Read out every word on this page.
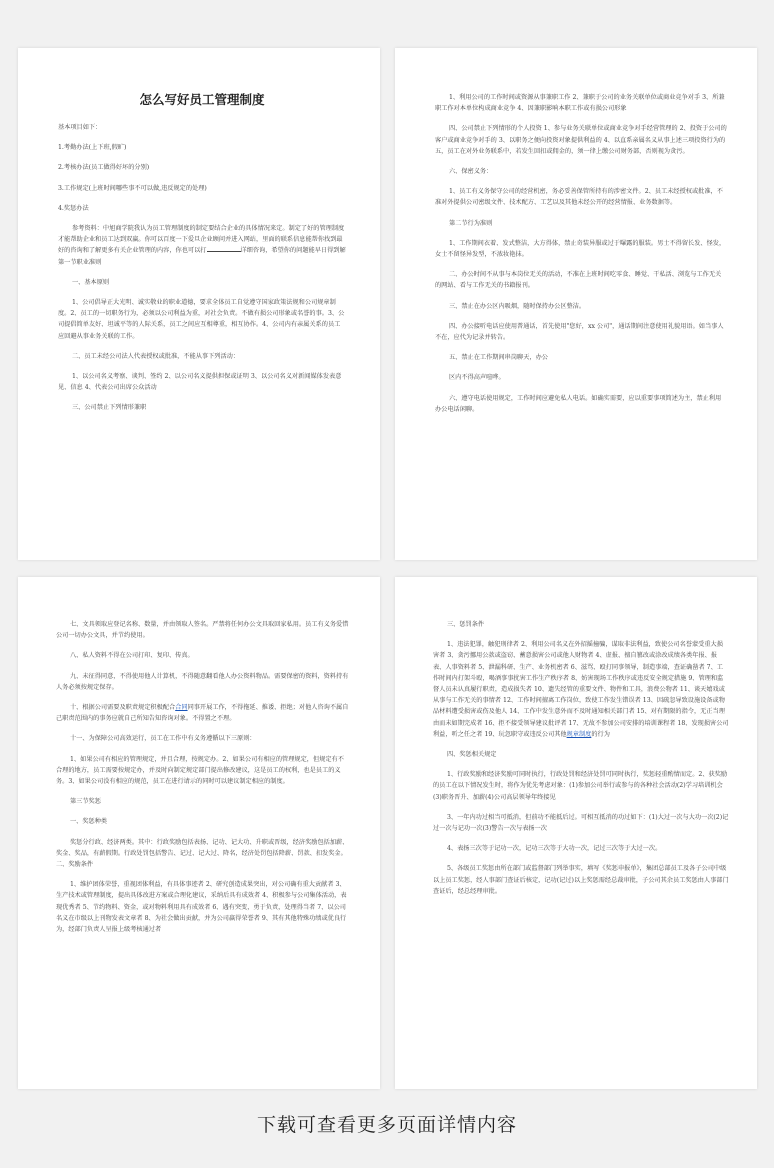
怎么写好员工管理制度
基本项目如下：
1.考勤办法(上下班,假旷)
2.考核办法(员工做得好坏的分别)
3.工作规定(上班时间哪些事不可以做,违反规定的处理)
4.奖惩办法
参考资料：中旭商学院我认为员工管理制度的制定要结合企业的具体情况来定。制定了好的管理制度才能帮助企业和员工达到双赢。你可以百度一下爱旦企业顾问并进入网站，里面的联系信息能帮你找到最好的咨询和了解更多有关企业管理的内容，你也可以打	详细咨询，希望你的问题能早日得到解第一节职业准则
一、基本原则
1、公司倡导正大光明、诚实敬业的职业道德，要求全体员工自觉遵守国家政策法规和公司规章制度。2、员工的一切职务行为，必须以公司利益为重，对社会负责。不做有损公司形象或名誉的事。3、公司提倡简单友好、坦诚平等的人际关系，员工之间应互相尊重，相互协作。4、公司内有亲属关系的员工应回避从事业务关联的工作。
二、员工未经公司法人代表授权或批准，不能从事下列活动：
1、以公司名义考察、谈判、签约 2、以公司名义提供担保或证明 3、以公司名义对新闻媒体发表意见、信息 4、代表公司出席公众活动
三、公司禁止下列情形兼职
1、利用公司的工作时间或资源从事兼职工作 2、兼职于公司的业务关联单位或商业竞争对手 3、所兼职工作对本单位构成商业竞争 4、因兼职影响本职工作或有损公司形象
四、公司禁止下列情形的个人投资 1、参与业务关联单位或商业竞争对手经营管理的 2、投资于公司的客户或商业竞争对手的 3、以职务之便向投资对象提供利益的 4、以直系亲属名义从事上述三项投资行为的五，员工在对外业务联系中，若发生回扣或佣金的，须一律上缴公司财务部，否则视为贪污。
六、保密义务：
1、员工有义务保守公司的经营机密，务必妥善保管所持有的涉密文件。2、员工未经授权或批准，不准对外提供公司密级文件、技术配方、工艺以及其他未经公开的经营情报、业务数据等。
第二节行为准则
1、工作期间衣着、发式整洁，大方得体，禁止奇装异服或过于曝露的服装。男士不得留长发、怪发，女士不留怪异发型，不浓妆艳抹。
二、办公时间不从事与本岗位无关的活动，不准在上班时间吃零食、睡觉、干私活、浏览与工作无关的网站、看与工作无关的书籍报刊。
三、禁止在办公区内吸烟，随时保持办公区整洁。
四、办公接听电话应使用普通话，首先使用"您好，xx 公司"，通话期间注意使用礼貌用语。如当事人不在，应代为记录并转告。
五、禁止在工作期间串岗聊天，办公
区内不得高声喧哗。
六、遵守电话使用规定，工作时间应避免私人电话。如确实需要，应以重要事项简述为主，禁止利用办公电话闲聊。
七、文具领取应登记名称、数量，并由领取人签名。严禁将任何办公文具取回家私用。员工有义务爱惜公司一切办公文具，并节约使用。
八、私人资料不得在公司打印、复印、传真。
九、未征得同意，不得使用他人计算机，不得随意翻看他人办公资料物品。需要保密的资料，资料持有人务必须按规定保存。
十、根据公司需要及职责规定积极配合合同同事开展工作，不得拖延、推诿、拒绝；对他人咨询不属自己职责范围内的事务应就自己所知告知咨询对象。不得置之不理。
十一、为保障公司高效运行，员工在工作中有义务遵循以下三原则：
1、如果公司有相应的管理规定，并且合理，按规定办。2、如果公司有相应的管理规定，但规定有不合理的地方，员工需要按规定办，并及时向制定规定部门提出修改建议，这是员工的权利，也是员工的义务。3、如果公司没有相应的规范，员工在进行请示的同时可以建议制定相应的制度。
第三节奖惩
一、奖惩种类
奖惩分行政、经济两类。其中：行政奖励包括表扬、记功、记大功、升职或晋级，经济奖励包括加薪、奖金、奖品，有薪假期。行政处罚包括警告、记过、记大过、降名，经济处罚包括降薪、罚款、扣发奖金。二、奖励条件
1、维护团体荣誉，重视团体利益，有具体事迹者 2、研究创造成果突出，对公司确有重大贡献者 3、生产技术或管理制度，提出具体改进方案或合理化建议，采纳后具有成效者 4、积极参与公司集体活动，表现优秀者 5、节约物料、资金，或对物料利用具有成效者 6、遇有突变，勇于负责，处理得当者 7、以公司名义在市级以上刊物发表文章者 8、为社会做出贡献，并为公司赢得荣誉者 9、其有其他特殊功绩或优良行为，经部门负责人呈报上级考核通过者
三、惩罚条件
1、违法犯罪，触犯刑律者 2、利用公司名义在外招摇撞骗，谋取非法利益，致使公司名誉蒙受重大损害者 3、贪污挪用公款或盗窃、蓄意损害公司或他人财物者 4、虚报、擅自篡改或涂改成绩各类年报、报表、人事资料者 5、泄漏科研、生产、业务机密者 6、滋骂、殴打同事领导，制造事端，查证确凿者 7、工作时间内打架斗殴，喝酒事事扰害工作生产秩序者 8、妨害现场工作秩序或违反安全规定措施 9、管理和监督人员未认真履行职责，造成损失者 10、遗失经管的重要文件、物件和工具，浪费公物者 11、谈天嬉戏或从事与工作无关的事情者 12、工作时间擅离工作岗位，致使工作发生错误者 13、因疏忽导致设施设备或物品材料遭受损害或伤及他人 14、工作中发生意外而不及时通知相关部门者 15、对有期限的指令，无正当理由而未如期完成者 16、拒不接受领导建议批评者 17、无故不参加公司安排的培训课程者 18、发现损害公司利益，听之任之者 19、玩忽职守或违反公司其他规章制度的行为
四、奖惩相关规定
1、行政奖励和经济奖励可同时执行，行政处罚和经济处罚可同时执行，奖惩轻重酌情而定。2、获奖励的员工在以下情况发生时，将作为优先考虑对象：(1)参加公司举行或参与的各种社会活动(2)学习培训机会(3)职务晋升、加薪(4)公司高层领导年终接见
3、一年内功过相当可抵消，但前功不能抵后过。可相互抵消的功过如下：(1)大过一次与大功一次(2)记过一次与记功一次(3)警告一次与表扬一次
4、表扬三次等于记功一次，记功三次等于大功一次，记过三次等于大过一次。
5、各级员工奖惩由所在部门或监督部门列举事实，填写《奖惩申报单》，集团总部员工及各子公司中级以上员工奖惩，经人事部门查证后核定，记功(记过)以上奖惩需经总裁审批，子公司其余员工奖惩由人事部门查证后，经总经理审批。
下载可查看更多页面详情内容
